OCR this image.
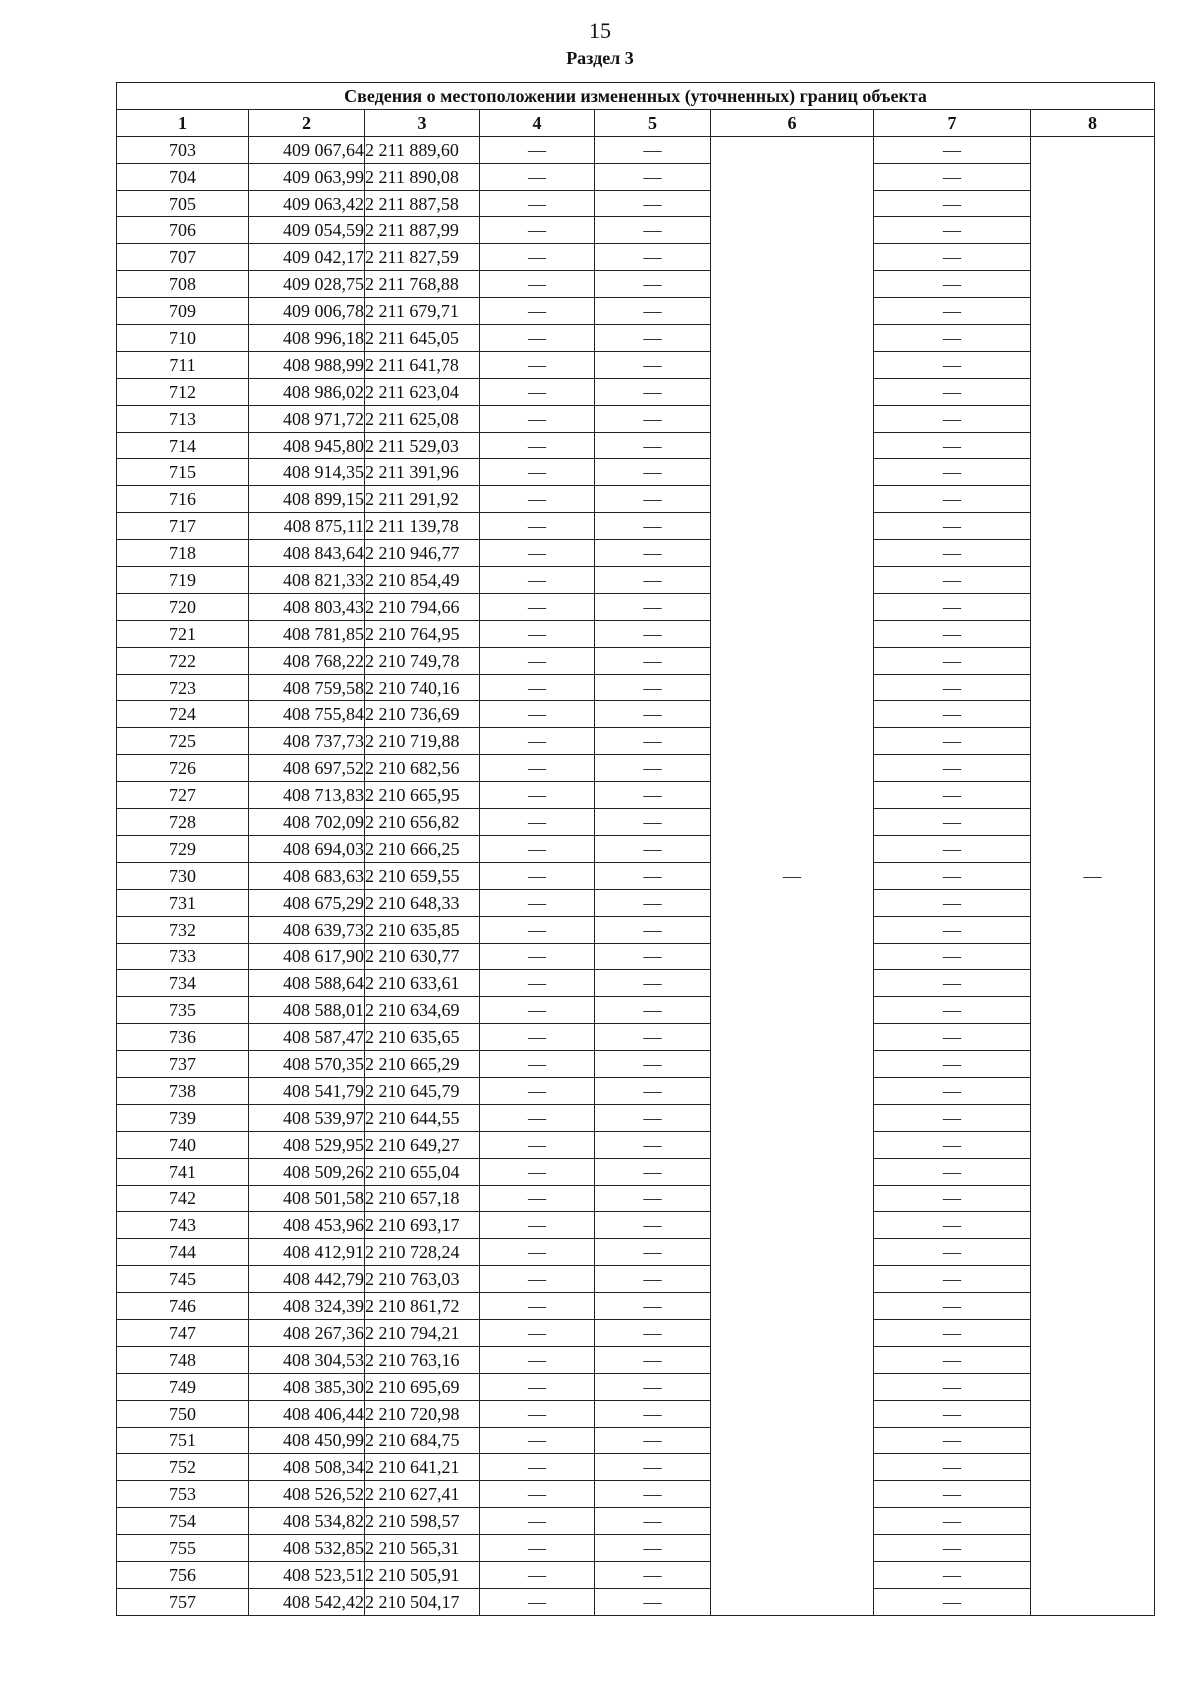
15
Раздел 3
Сведения о местоположении измененных (уточненных) границ объекта							
1	2	3	4	5	6	7	8
703	409 067,64	2 211 889,60	—	—	—	—	—
704	409 063,99	2 211 890,08	—	—		—	
705	409 063,42	2 211 887,58	—	—		—	
706	409 054,59	2 211 887,99	—	—		—	
707	409 042,17	2 211 827,59	—	—		—	
708	409 028,75	2 211 768,88	—	—		—	
709	409 006,78	2 211 679,71	—	—		—	
710	408 996,18	2 211 645,05	—	—		—	
711	408 988,99	2 211 641,78	—	—		—	
712	408 986,02	2 211 623,04	—	—		—	
713	408 971,72	2 211 625,08	—	—		—	
714	408 945,80	2 211 529,03	—	—		—	
715	408 914,35	2 211 391,96	—	—		—	
716	408 899,15	2 211 291,92	—	—		—	
717	408 875,11	2 211 139,78	—	—		—	
718	408 843,64	2 210 946,77	—	—		—	
719	408 821,33	2 210 854,49	—	—		—	
720	408 803,43	2 210 794,66	—	—		—	
721	408 781,85	2 210 764,95	—	—		—	
722	408 768,22	2 210 749,78	—	—		—	
723	408 759,58	2 210 740,16	—	—		—	
724	408 755,84	2 210 736,69	—	—		—	
725	408 737,73	2 210 719,88	—	—		—	
726	408 697,52	2 210 682,56	—	—		—	
727	408 713,83	2 210 665,95	—	—		—	
728	408 702,09	2 210 656,82	—	—		—	
729	408 694,03	2 210 666,25	—	—		—	
730	408 683,63	2 210 659,55	—	—		—	
731	408 675,29	2 210 648,33	—	—		—	
732	408 639,73	2 210 635,85	—	—		—	
733	408 617,90	2 210 630,77	—	—		—	
734	408 588,64	2 210 633,61	—	—		—	
735	408 588,01	2 210 634,69	—	—		—	
736	408 587,47	2 210 635,65	—	—		—	
737	408 570,35	2 210 665,29	—	—		—	
738	408 541,79	2 210 645,79	—	—		—	
739	408 539,97	2 210 644,55	—	—		—	
740	408 529,95	2 210 649,27	—	—		—	
741	408 509,26	2 210 655,04	—	—		—	
742	408 501,58	2 210 657,18	—	—		—	
743	408 453,96	2 210 693,17	—	—		—	
744	408 412,91	2 210 728,24	—	—		—	
745	408 442,79	2 210 763,03	—	—		—	
746	408 324,39	2 210 861,72	—	—		—	
747	408 267,36	2 210 794,21	—	—		—	
748	408 304,53	2 210 763,16	—	—		—	
749	408 385,30	2 210 695,69	—	—		—	
750	408 406,44	2 210 720,98	—	—		—	
751	408 450,99	2 210 684,75	—	—		—	
752	408 508,34	2 210 641,21	—	—		—	
753	408 526,52	2 210 627,41	—	—		—	
754	408 534,82	2 210 598,57	—	—		—	
755	408 532,85	2 210 565,31	—	—		—	
756	408 523,51	2 210 505,91	—	—		—	
757	408 542,42	2 210 504,17	—	—		—	
